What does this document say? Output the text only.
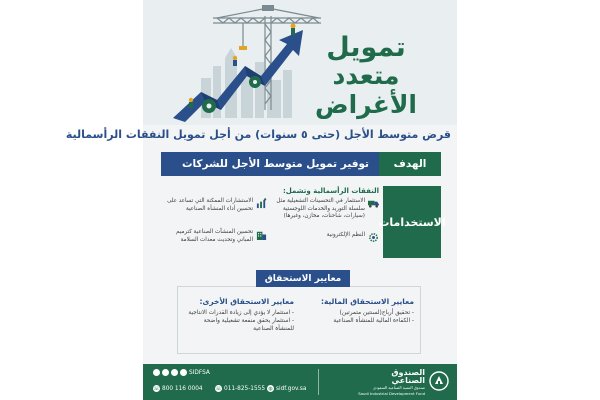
تمويل
متعدد الأغراض
قرض متوسط الأجل (حتى ٥ سنوات) من أجل تمويل النفقات الرأسمالية
الهدف
توفير تمويل متوسط الأجل للشركات
الاستخدامات
النفقات الرأسمالية وتشمل:
الاستثمار في التحسينات التشغيلية مثل سلسلة التوريد والخدمات اللوجستية (سيارات، شاحنات، مخازن، وغيرها)
الاستشارات الممكنة التي تساعد على تحسين أداء المنشأة الصناعية
النظم الإلكترونية
تحسين المنشآت الصناعية كترميم المباني وتحديث معدات السلامة
معايير الاستحقاق المالية:
- تحقيق أرباح(لسنتين متمرتين)
- الكفاءة المالية للمنشأة الصناعية
معايير الاستحقاق الأخرى:
- استثمار لا يؤدي إلى زيادة القدرات الانتاجية
- استثمار يحقق منفعة تشغيلية واضحة للمنشأة الصناعية
معايير الاستحقاق
الصندوق الصناعي
صندوق التنمية الصناعية السعودي
Saudi Industrial Development Fund
SIDFSA
☏ 800 116 0004	☏ 011-825-1555 ◍ sidf.gov.sa
